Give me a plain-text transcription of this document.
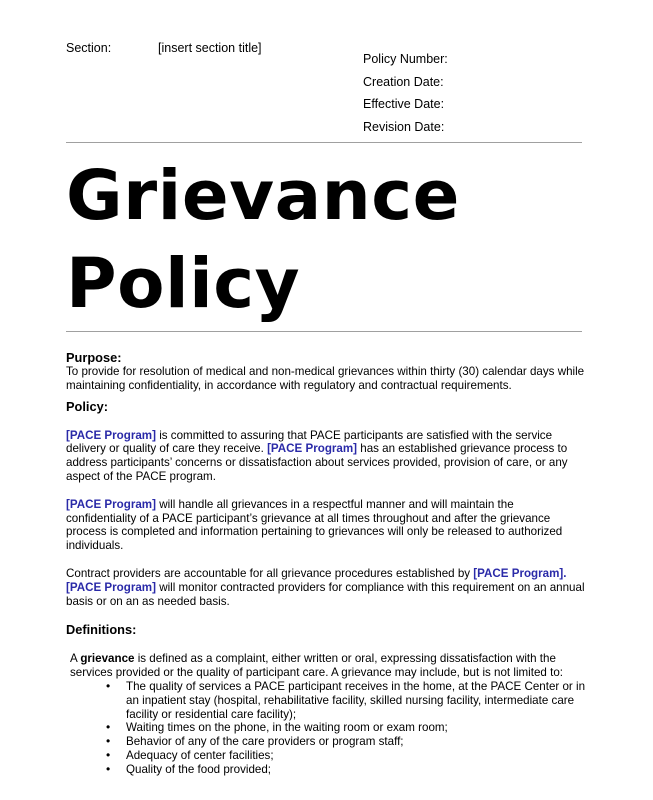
Section:	[insert section title]
Policy Number:
Creation Date:
Effective Date:
Revision Date:
Grievance
Policy
Purpose:

To provide for resolution of medical and non-medical grievances within thirty (30) calendar days while maintaining confidentiality, in accordance with regulatory and contractual requirements.

Policy:

[PACE Program] is committed to assuring that PACE participants are satisfied with the service delivery or quality of care they receive. [PACE Program] has an established grievance process to address participants’ concerns or dissatisfaction about services provided, provision of care, or any aspect of the PACE program.

[PACE Program] will handle all grievances in a respectful manner and will maintain the confidentiality of a PACE participant’s grievance at all times throughout and after the grievance process is completed and information pertaining to grievances will only be released to authorized individuals.

Contract providers are accountable for all grievance procedures established by [PACE Program]. [PACE Program] will monitor contracted providers for compliance with this requirement on an annual basis or on an as needed basis.

Definitions:

A grievance is defined as a complaint, either written or oral, expressing dissatisfaction with the services provided or the quality of participant care. A grievance may include, but is not limited to:

• The quality of services a PACE participant receives in the home, at the PACE Center or in an inpatient stay (hospital, rehabilitative facility, skilled nursing facility, intermediate care facility or residential care facility);
• Waiting times on the phone, in the waiting room or exam room;
• Behavior of any of the care providers or program staff;
• Adequacy of center facilities;
• Quality of the food provided;
